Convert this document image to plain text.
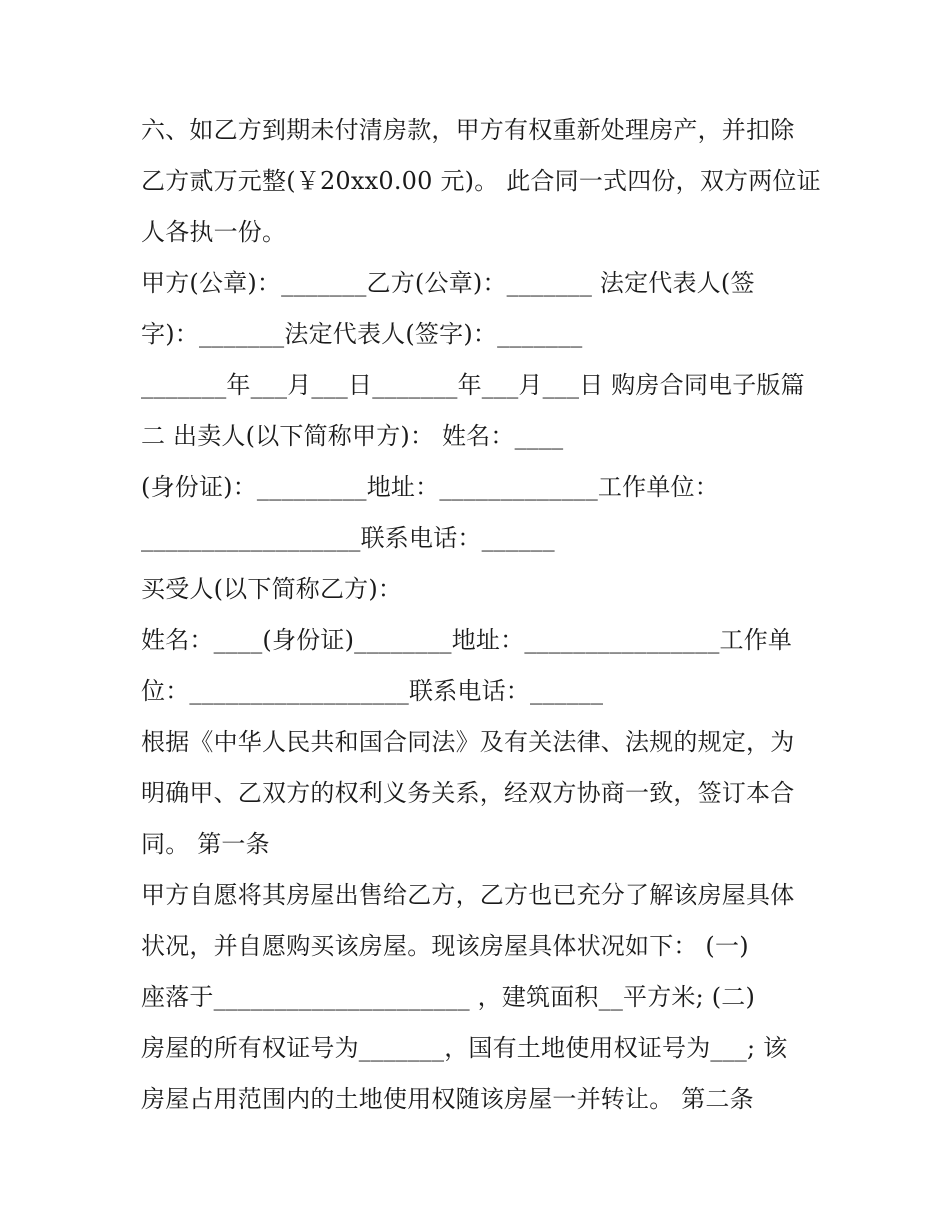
六、如乙方到期未付清房款，甲方有权重新处理房产，并扣除
乙方贰万元整(￥20xx0.00 元)。 此合同一式四份，双方两位证
人各执一份。
甲方(公章)：_______乙方(公章)：_______ 法定代表人(签
字)：_______法定代表人(签字)：_______
_______年___月___日_______年___月___日 购房合同电子版篇
二 出卖人(以下简称甲方)： 姓名：____
(身份证)：_________地址：_____________工作单位：
__________________联系电话：______
买受人(以下简称乙方)：
姓名：____(身份证)________地址：________________工作单
位：__________________联系电话：______
根据《中华人民共和国合同法》及有关法律、法规的规定，为
明确甲、乙双方的权利义务关系，经双方协商一致，签订本合
同。 第一条
甲方自愿将其房屋出售给乙方，乙方也已充分了解该房屋具体
状况，并自愿购买该房屋。现该房屋具体状况如下： (一)
座落于_____________________ ，建筑面积__平方米; (二)
房屋的所有权证号为_______，国有土地使用权证号为___; 该
房屋占用范围内的土地使用权随该房屋一并转让。 第二条
